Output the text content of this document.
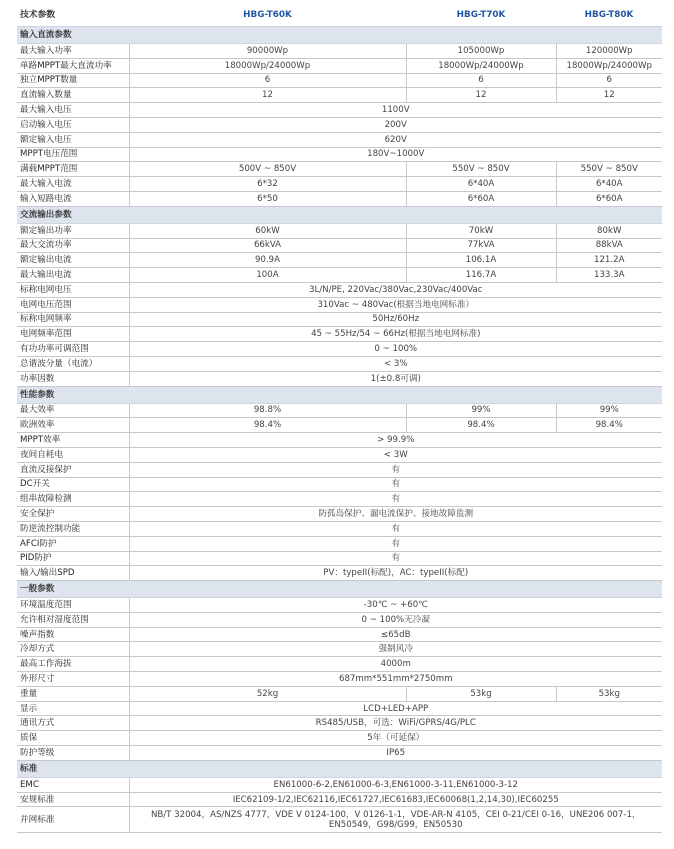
技术参数	HBG-T60K	HBG-T70K	HBG-T80K
输入直流参数			
最大输入功率	90000Wp	105000Wp	120000Wp
单路MPPT最大直流功率	18000Wp/24000Wp	18000Wp/24000Wp	18000Wp/24000Wp
独立MPPT数量	6	6	6
直流输入数量	12	12	12
最大输入电压	1100V		
启动输入电压	200V		
额定输入电压	620V		
MPPT电压范围	180V~1000V		
满载MPPT范围	500V ~ 850V	550V ~ 850V	550V ~ 850V
最大输入电流	6*32	6*40A	6*40A
输入短路电流	6*50	6*60A	6*60A
交流输出参数			
额定输出功率	60kW	70kW	80kW
最大交流功率	66kVA	77kVA	88kVA
额定输出电流	90.9A	106.1A	121.2A
最大输出电流	100A	116.7A	133.3A
标称电网电压	3L/N/PE, 220Vac/380Vac,230Vac/400Vac		
电网电压范围	310Vac ~ 480Vac(根据当地电网标准）		
标称电网频率	50Hz/60Hz		
电网频率范围	45 ~ 55Hz/54 ~ 66Hz(根据当地电网标准)		
有功功率可调范围	0 ~ 100%		
总谐波分量（电流）	< 3%		
功率因数	1(±0.8可调)		
性能参数			
最大效率	98.8%	99%	99%
欧洲效率	98.4%	98.4%	98.4%
MPPT效率	> 99.9%		
夜间自耗电	< 3W		
直流反接保护	有		
DC开关	有		
组串故障检测	有		
安全保护	防孤岛保护、漏电流保护、接地故障监测		
防逆流控制功能	有		
AFCI防护	有		
PID防护	有		
输入/输出SPD	PV：typeII(标配)，AC：typeII(标配)		
一般参数			
环境温度范围	-30℃ ~ +60℃		
允许相对湿度范围	0 ~ 100%无冷凝		
噪声指数	≤65dB		
冷却方式	强制风冷		
最高工作海拔	4000m		
外形尺寸	687mm*551mm*2750mm		
重量	52kg	53kg	53kg
显示	LCD+LED+APP		
通讯方式	RS485/USB，可选：WiFi/GPRS/4G/PLC		
质保	5年（可延保）		
防护等级	IP65		
标准			
EMC	EN61000-6-2,EN61000-6-3,EN61000-3-11,EN61000-3-12		
安规标准	IEC62109-1/2,IEC62116,IEC61727,IEC61683,IEC60068(1,2,14,30),IEC60255		
并网标准	NB/T 32004，AS/NZS 4777，VDE V 0124-100，V 0126-1-1，VDE-AR-N 4105，CEI 0-21/CEI 0-16，UNE206 007-1，EN50549，G98/G99，EN50530		
